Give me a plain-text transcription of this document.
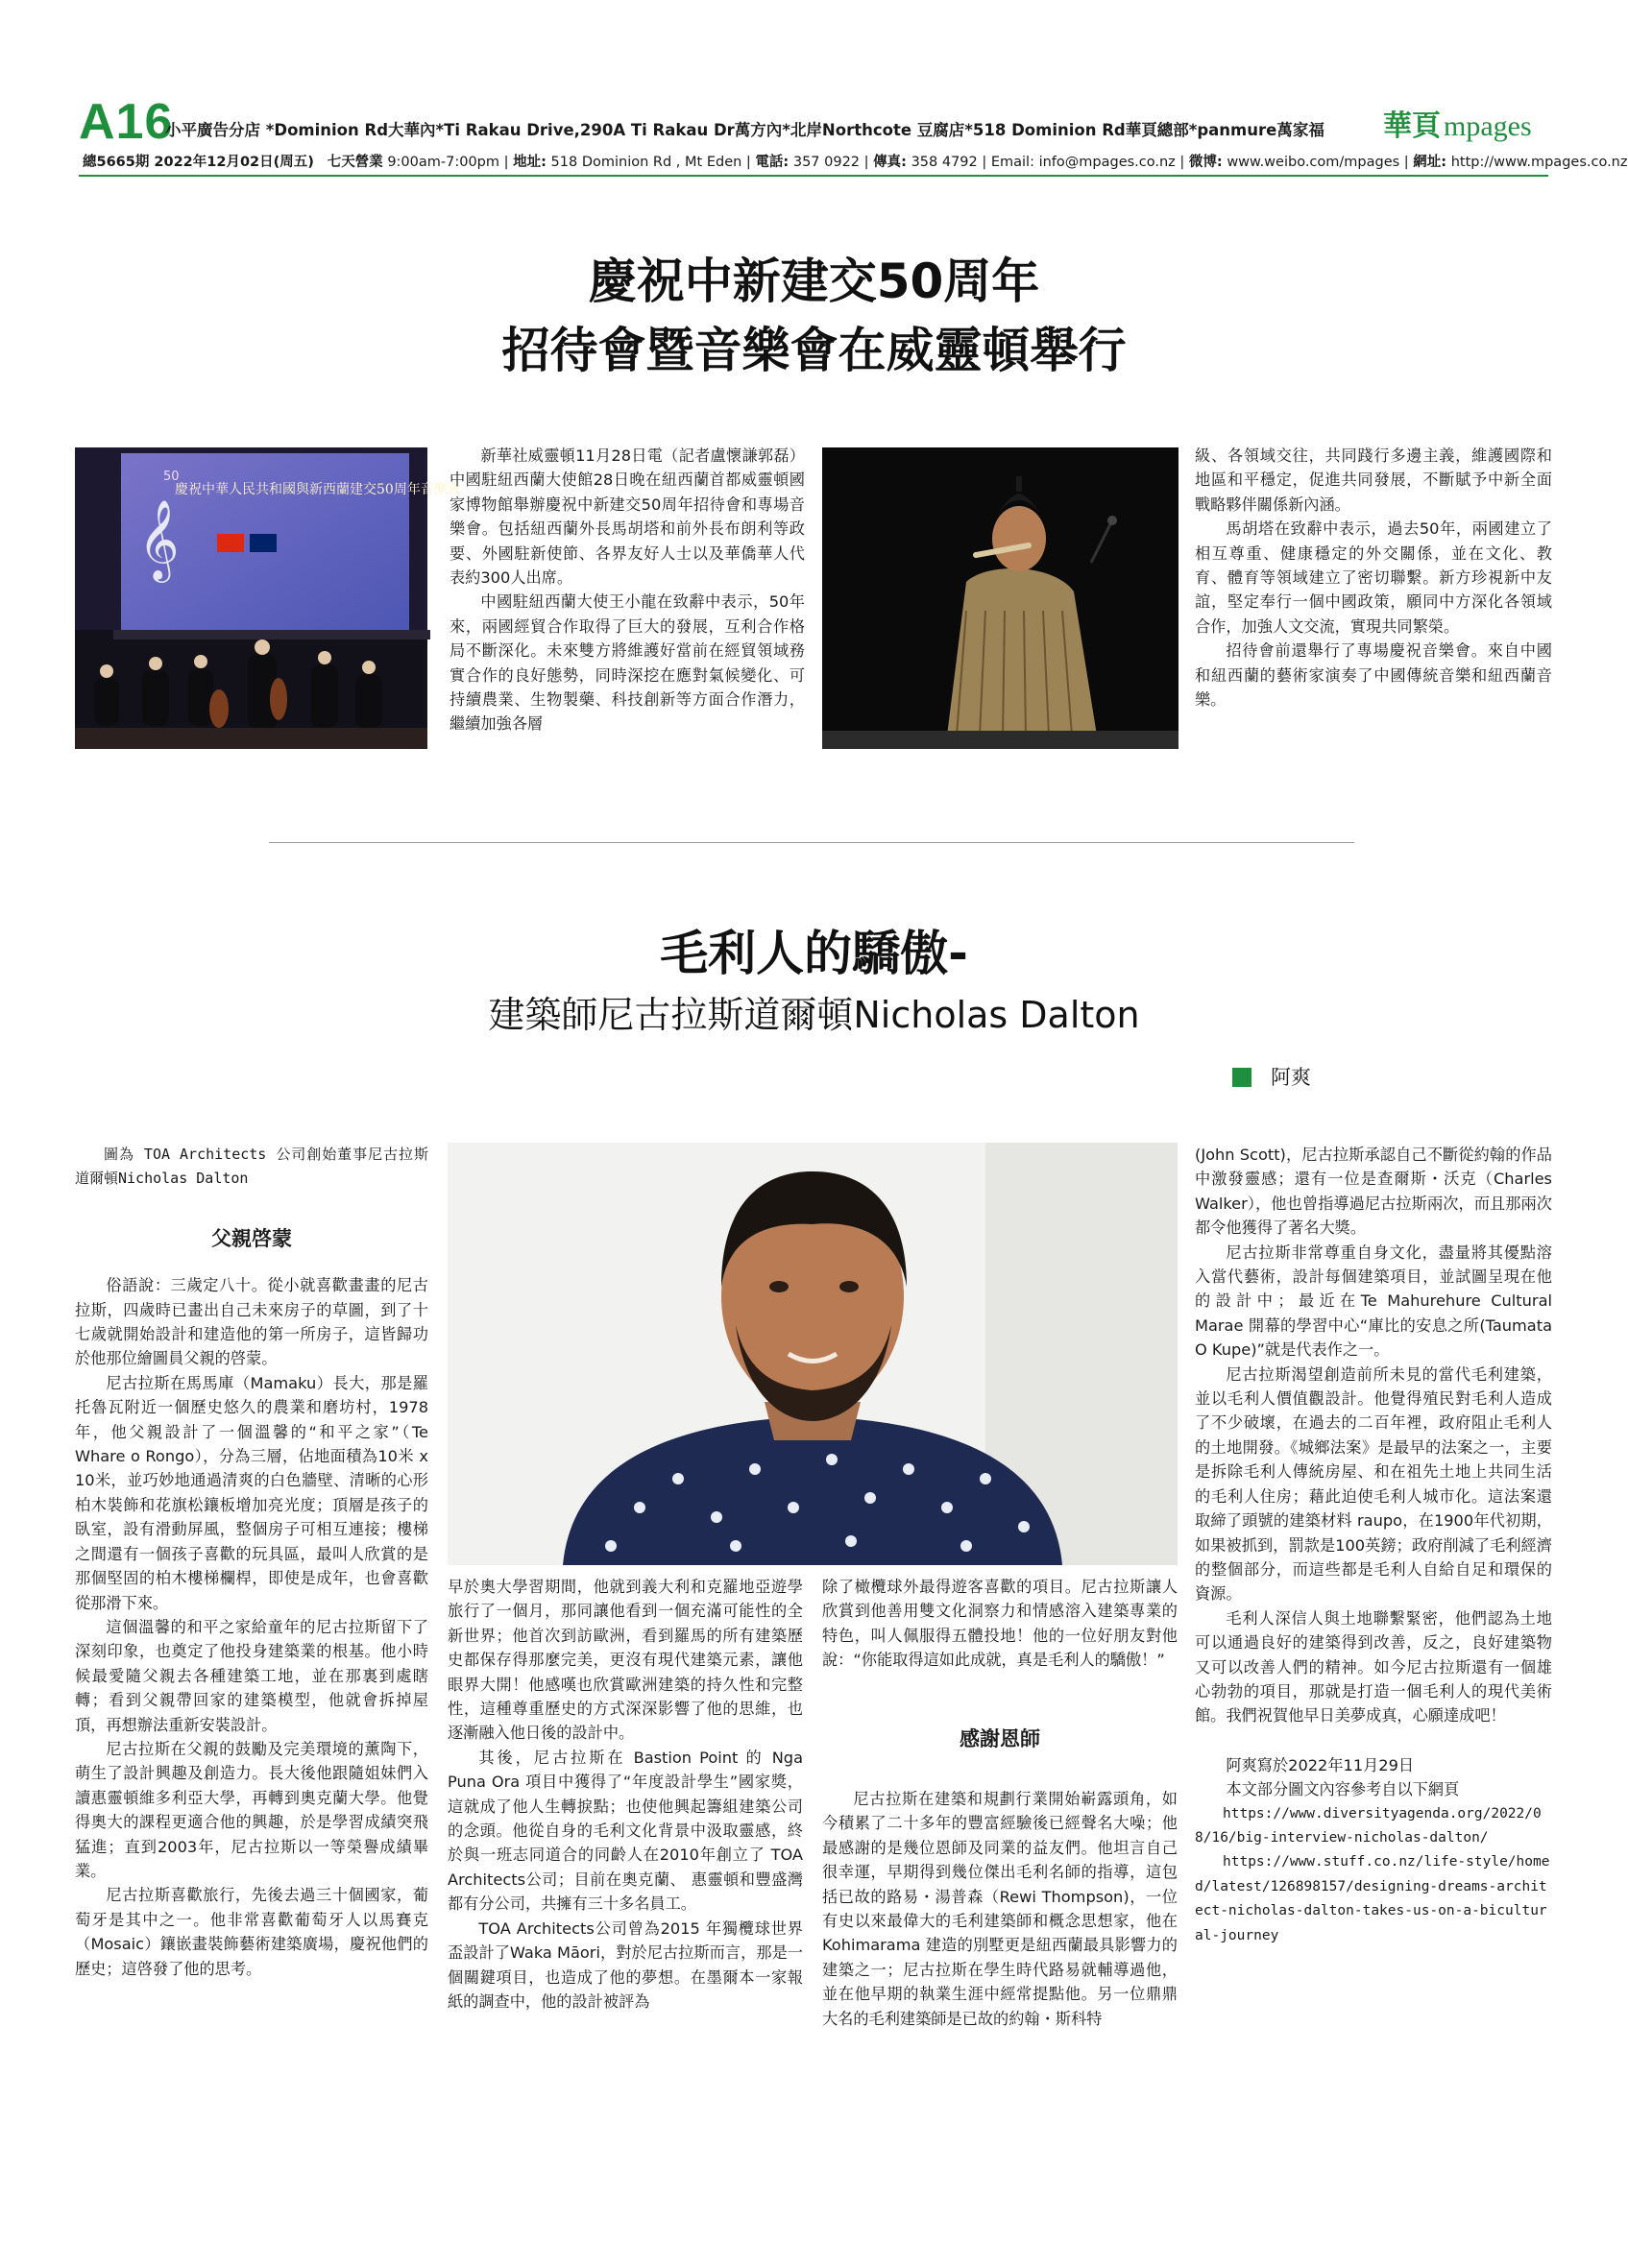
A16
小平廣告分店 *Dominion Rd大華內*Ti Rakau Drive,290A Ti Rakau Dr萬方內*北岸Northcote 豆腐店*518 Dominion Rd華頁總部*panmure萬家福 華頁 mpages
總5665期 2022年12月02日(周五) 七天營業 9:00am-7:00pm | 地址: 518 Dominion Rd , Mt Eden | 電話: 357 0922 | 傳真: 358 4792 | Email: info@mpages.co.nz | 微博: www.weibo.com/mpages | 網址: http://www.mpages.co.nz
慶祝中新建交50周年
招待會暨音樂會在威靈頓舉行
50
慶祝中華人民共和國與新西蘭建交50周年音樂會
𝄞

新華社威靈頓11月28日電（記者盧懷謙郭磊）中國駐紐西蘭大使館28日晚在紐西蘭首都威靈頓國家博物館舉辦慶祝中新建交50周年招待會和專場音樂會。包括紐西蘭外長馬胡塔和前外長布朗利等政要、外國駐新使節、各界友好人士以及華僑華人代表約300人出席。

中國駐紐西蘭大使王小龍在致辭中表示，50年來，兩國經貿合作取得了巨大的發展，互利合作格局不斷深化。未來雙方將維護好當前在經貿領域務實合作的良好態勢，同時深挖在應對氣候變化、可持續農業、生物製藥、科技創新等方面合作潛力，繼續加強各層

級、各領域交往，共同踐行多邊主義，維護國際和地區和平穩定，促進共同發展，不斷賦予中新全面戰略夥伴關係新內涵。

馬胡塔在致辭中表示，過去50年，兩國建立了相互尊重、健康穩定的外交關係，並在文化、教育、體育等領域建立了密切聯繫。新方珍視新中友誼，堅定奉行一個中國政策，願同中方深化各領域合作，加強人文交流，實現共同繁榮。

招待會前還舉行了專場慶祝音樂會。來自中國和紐西蘭的藝術家演奏了中國傳統音樂和紐西蘭音樂。

毛利人的驕傲-
建築師尼古拉斯道爾頓Nicholas Dalton
阿爽

圖為 TOA Architects 公司創始董事尼古拉斯道爾頓Nicholas Dalton

父親啓蒙

俗語說：三歲定八十。從小就喜歡畫畫的尼古拉斯，四歲時已畫出自己未來房子的草圖，到了十七歲就開始設計和建造他的第一所房子，這皆歸功於他那位繪圖員父親的啓蒙。

尼古拉斯在馬馬庫（Mamaku）長大，那是羅托魯瓦附近一個歷史悠久的農業和磨坊村，1978年，他父親設計了一個溫馨的“和平之家”（Te Whare o Rongo），分為三層，佔地面積為10米 x 10米，並巧妙地通過清爽的白色牆壁、清晰的心形柏木裝飾和花旗松鑲板增加亮光度；頂層是孩子的臥室，設有滑動屏風，整個房子可相互連接；樓梯之間還有一個孩子喜歡的玩具區，最叫人欣賞的是那個堅固的柏木樓梯欄桿，即使是成年，也會喜歡從那滑下來。

這個溫馨的和平之家給童年的尼古拉斯留下了深刻印象，也奠定了他投身建築業的根基。他小時候最愛隨父親去各種建築工地，並在那裏到處瞎轉；看到父親帶回家的建築模型，他就會拆掉屋頂，再想辦法重新安裝設計。

尼古拉斯在父親的鼓勵及完美環境的薰陶下，萌生了設計興趣及創造力。長大後他跟隨姐妹們入讀惠靈頓維多利亞大學，再轉到奧克蘭大學。他覺得奧大的課程更適合他的興趣，於是學習成績突飛猛進；直到2003年，尼古拉斯以一等榮譽成績畢業。

尼古拉斯喜歡旅行，先後去過三十個國家，葡萄牙是其中之一。他非常喜歡葡萄牙人以馬賽克（Mosaic）鑲嵌畫裝飾藝術建築廣場，慶祝他們的歷史；這啓發了他的思考。

早於奧大學習期間，他就到義大利和克羅地亞遊學旅行了一個月，那同讓他看到一個充滿可能性的全新世界；他首次到訪歐洲，看到羅馬的所有建築歷史都保存得那麼完美，更沒有現代建築元素，讓他眼界大開！他感嘆也欣賞歐洲建築的持久性和完整性，這種尊重歷史的方式深深影響了他的思維，也逐漸融入他日後的設計中。

其後，尼古拉斯在 Bastion Point 的 Nga Puna Ora 項目中獲得了“年度設計學生”國家獎，這就成了他人生轉捩點；也使他興起籌組建築公司的念頭。他從自身的毛利文化背景中汲取靈感，終於與一班志同道合的同齡人在2010年創立了 TOA Architects公司；目前在奧克蘭、 惠靈頓和豐盛灣都有分公司，共擁有三十多名員工。

TOA Architects公司曾為2015 年獨欖球世界盃設計了Waka Māori，對於尼古拉斯而言，那是一個關鍵項目，也造成了他的夢想。在墨爾本一家報紙的調查中，他的設計被評為

除了橄欖球外最得遊客喜歡的項目。尼古拉斯讓人欣賞到他善用雙文化洞察力和情感溶入建築專業的特色，叫人佩服得五體投地！他的一位好朋友對他說：“你能取得這如此成就，真是毛利人的驕傲！”

感謝恩師

尼古拉斯在建築和規劃行業開始嶄露頭角，如今積累了二十多年的豐富經驗後已經聲名大噪；他最感謝的是幾位恩師及同業的益友們。他坦言自己很幸運，早期得到幾位傑出毛利名師的指導，這包括已故的路易・湯普森（Rewi Thompson)，一位有史以來最偉大的毛利建築師和概念思想家，他在 Kohimarama 建造的別墅更是紐西蘭最具影響力的建築之一；尼古拉斯在學生時代路易就輔導過他，並在他早期的執業生涯中經常提點他。另一位鼎鼎大名的毛利建築師是已故的約翰・斯科特

(John Scott)，尼古拉斯承認自己不斷從約翰的作品中激發靈感；還有一位是查爾斯・沃克（Charles Walker），他也曾指導過尼古拉斯兩次，而且那兩次都令他獲得了著名大獎。

尼古拉斯非常尊重自身文化，盡量將其優點溶入當代藝術，設計每個建築項目，並試圖呈現在他的設計中；最近在Te Mahurehure Cultural Marae 開幕的學習中心“庫比的安息之所(Taumata O Kupe)”就是代表作之一。

尼古拉斯渴望創造前所未見的當代毛利建築，並以毛利人價值觀設計。他覺得殖民對毛利人造成了不少破壞，在過去的二百年裡，政府阻止毛利人的土地開發。《城鄉法案》是最早的法案之一，主要是拆除毛利人傳統房屋、和在祖先土地上共同生活的毛利人住房；藉此迫使毛利人城市化。這法案還取締了頭號的建築材料 raupo，在1900年代初期，如果被抓到，罰款是100英鎊；政府削減了毛利經濟的整個部分，而這些都是毛利人自給自足和環保的資源。

毛利人深信人與土地聯繫緊密，他們認為土地可以通過良好的建築得到改善，反之，良好建築物又可以改善人們的精神。如今尼古拉斯還有一個雄心勃勃的項目，那就是打造一個毛利人的現代美術館。我們祝賀他早日美夢成真，心願達成吧！

阿爽寫於2022年11月29日

本文部分圖文內容參考自以下網頁

https://www.diversityagenda.org/2022/08/16/big-interview-nicholas-dalton/

https://www.stuff.co.nz/life-style/homed/latest/126898157/designing-dreams-architect-nicholas-dalton-takes-us-on-a-bicultural-journey
